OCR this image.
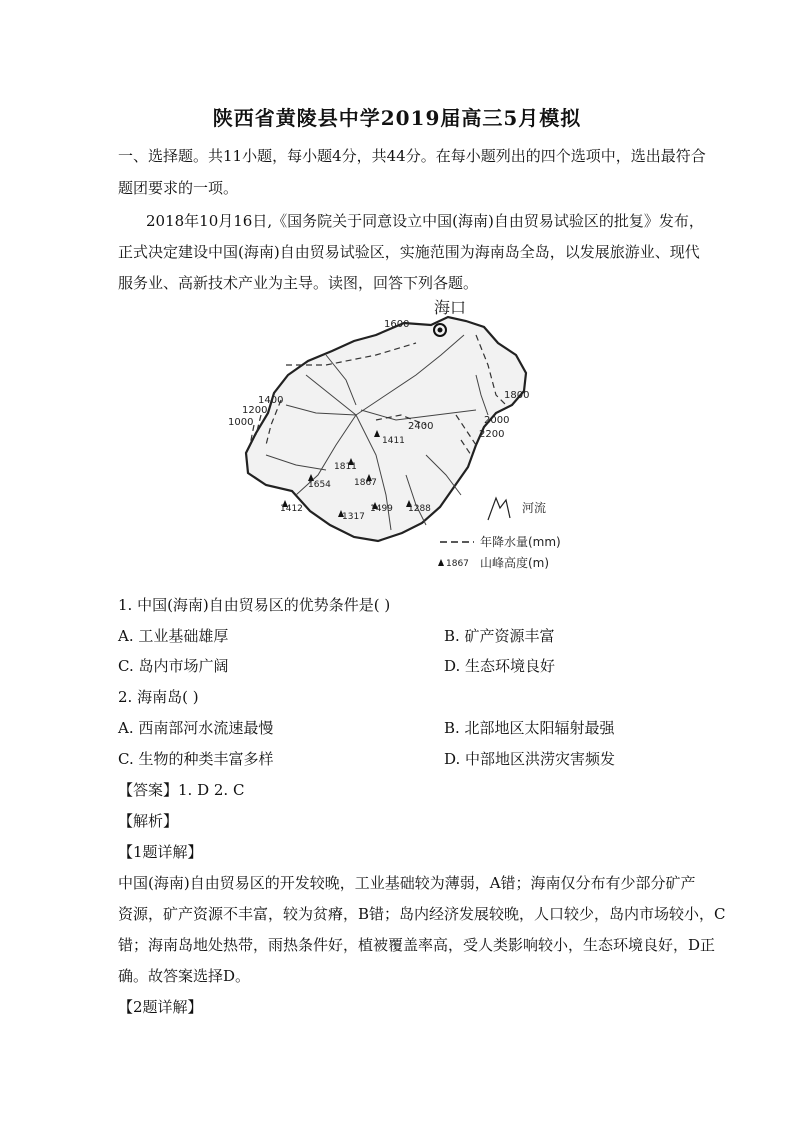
陕西省黄陵县中学2019届高三5月模拟
一、选择题。共11小题，每小题4分，共44分。在每小题列出的四个选项中，选出最符合
题团要求的一项。
2018年10月16日,《国务院关于同意设立中国(海南)自由贸易试验区的批复》发布，
正式决定建设中国(海南)自由贸易试验区，实施范围为海南岛全岛，以发展旅游业、现代
服务业、高新技术产业为主导。读图，回答下列各题。
海口
1600
1800
2000
2200
2400
1400
1200
1000
1411
1811
1654	1867
1412
1317
1499 1288	河流
年降水量(mm)
1867 山峰高度(m)
1. 中国(海南)自由贸易区的优势条件是( )
A. 工业基础雄厚	B. 矿产资源丰富
C. 岛内市场广阔	D. 生态环境良好
2. 海南岛( )
A. 西南部河水流速最慢	B. 北部地区太阳辐射最强
C. 生物的种类丰富多样	D. 中部地区洪涝灾害频发
【答案】1. D 2. C
【解析】
【1题详解】
中国(海南)自由贸易区的开发较晚，工业基础较为薄弱，A错；海南仅分布有少部分矿产
资源，矿产资源不丰富，较为贫瘠，B错；岛内经济发展较晚，人口较少，岛内市场较小，C
错；海南岛地处热带，雨热条件好，植被覆盖率高，受人类影响较小，生态环境良好，D正
确。故答案选择D。
【2题详解】
